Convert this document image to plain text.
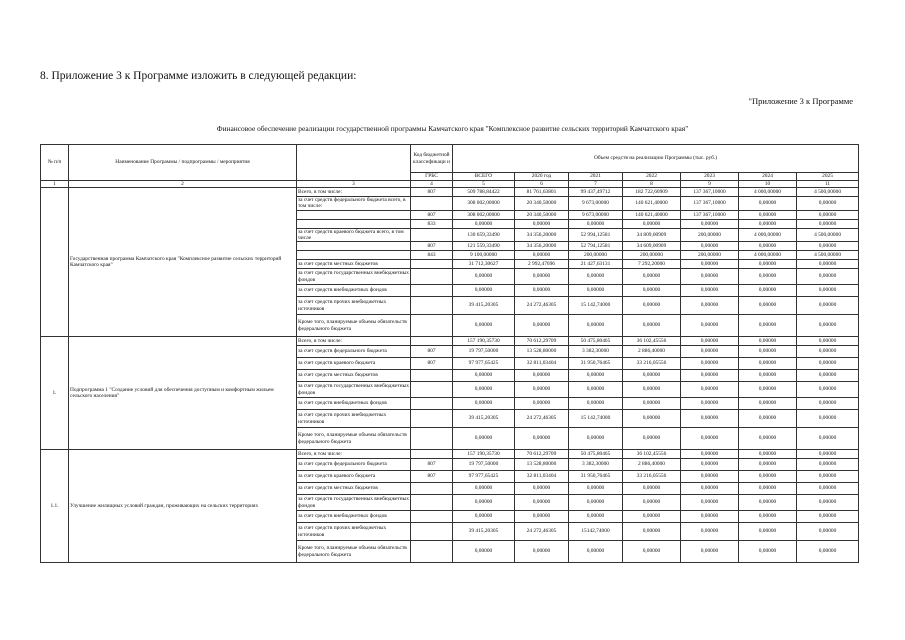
8. Приложение 3 к Программе изложить в следующей редакции:
"Приложение 3 к Программе
Финансовое обеспечение реализации государственной программы Камчатского края "Комплексное развитие сельских территорий Камчатского края"
№ п/п	Наименование Программы / подпрограммы / мероприятия		Код бюджетной классификаци и	Объем средств на реализацию Программы (тыс. руб.)						
			ГРБС	ВСЕГО	2020 год	2021	2022	2023	2024	2025
1	2	3	4	5	6	7	8	9	10	11
	Государственная программа Камчатского края "Комплексное развитие сельских территорий Камчатского края"	Всего, в том числе:	807	509 788,84422	81 761,63801	99 437,49712	182 722,60909	137 367,10000	4 000,00000	4 500,00000
		за счет средств федерального бюджета всего, в том числе:		308 002,00000	20 340,50000	9 673,00000	140 621,40000	137 367,10000	0,00000	0,00000
			807	308 002,00000	20 340,50000	9 673,00000	140 621,40000	137 367,10000	0,00000	0,00000
			833	0,00000	0,00000	0,00000	0,00000	0,00000	0,00000	0,00000
		за счет средств краевого бюджета всего, в том числе		130 659,33490	34 356,20000	52 994,12581	34 809,00909	200,00000	4 000,00000	4 500,00000
			807	121 559,33490	34 356,20000	52 794,12581	34 609,00909	0,00000	0,00000	0,00000
			843	9 100,00000	0,00000	200,00000	200,00000	200,00000	4 000,00000	4 500,00000
		за счет средств местных бюджетов		31 712,30627	2 992,47696	21 427,63131	7 292,20000	0,00000	0,00000	0,00000
		за счет средств государственных внебюджетных фондов		0,00000	0,00000	0,00000	0,00000	0,00000	0,00000	0,00000
		за счет средств внебюджетных фондов		0,00000	0,00000	0,00000	0,00000	0,00000	0,00000	0,00000
		за счет средств прочих внебюджетных источников		39 415,20305	24 272,46305	15 142,74000	0,00000	0,00000	0,00000	0,00000
		Кроме того, планируемые объемы обязательств федерального бюджета		0,00000	0,00000	0,00000	0,00000	0,00000	0,00000	0,00000
1.	Подпрограмма 1 "Создание условий для обеспечения доступным и комфортным жильем сельского населения"	Всего, в том числе:		157 190,35730	70 612,29709	50 475,80465	36 102,45556	0,00000	0,00000	0,00000
		за счет средств федерального бюджета	807	19 797,50000	13 528,80000	3 382,30000	2 886,40000	0,00000	0,00000	0,00000
		за счет средств краевого бюджета	807	97 977,65425	32 811,03404	31 950,76465	33 216,05556	0,00000	0,00000	0,00000
		за счет средств местных бюджетов		0,00000	0,00000	0,00000	0,00000	0,00000	0,00000	0,00000
		за счет средств государственных внебюджетных фондов		0,00000	0,00000	0,00000	0,00000	0,00000	0,00000	0,00000
		за счет средств внебюджетных фондов		0,00000	0,00000	0,00000	0,00000	0,00000	0,00000	0,00000
		за счет средств прочих внебюджетных источников		39 415,20305	24 272,46305	15 142,74000	0,00000	0,00000	0,00000	0,00000
		Кроме того, планируемые объемы обязательств федерального бюджета		0,00000	0,00000	0,00000	0,00000	0,00000	0,00000	0,00000
1.1.	Улучшение жилищных условий граждан, проживающих на сельских территориях	Всего, в том числе:		157 190,35730	70 612,29709	50 475,80465	36 102,45556	0,00000	0,00000	0,00000
		за счет средств федерального бюджета	807	19 797,50000	13 528,80000	3 382,30000	2 886,40000	0,00000	0,00000	0,00000
		за счет средств краевого бюджета	807	97 977,65425	32 811,03404	31 950,76465	33 216,05556	0,00000	0,00000	0,00000
		за счет средств местных бюджетов		0,00000	0,00000	0,00000	0,00000	0,00000	0,00000	0,00000
		за счет средств государственных внебюджетных фондов		0,00000	0,00000	0,00000	0,00000	0,00000	0,00000	0,00000
		за счет средств внебюджетных фондов		0,00000	0,00000	0,00000	0,00000	0,00000	0,00000	0,00000
		за счет средств прочих внебюджетных источников		39 415,20305	24 272,46305	15142,74000	0,00000	0,00000	0,00000	0,00000
		Кроме того, планируемые объемы обязательств федерального бюджета		0,00000	0,00000	0,00000	0,00000	0,00000	0,00000	0,00000
